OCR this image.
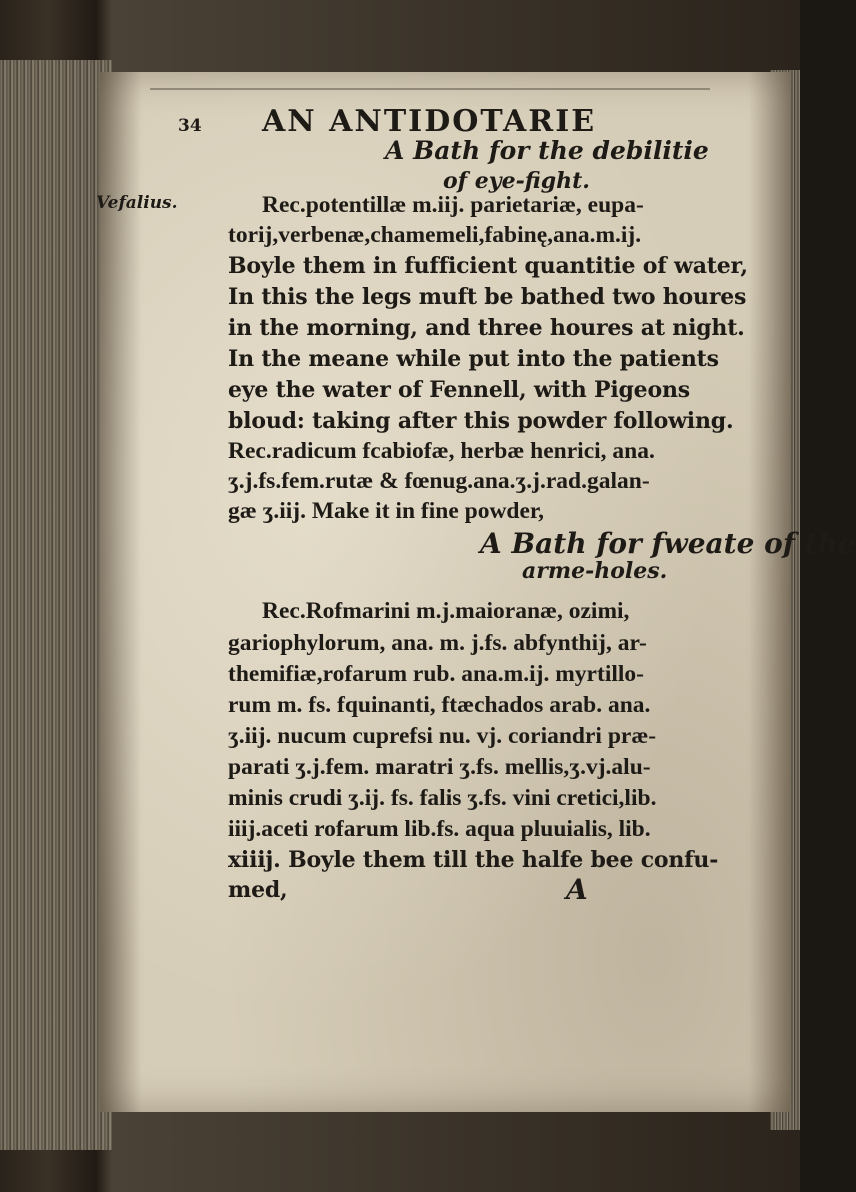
34 AN ANTIDOTARIE
Vefalius.
A Bath for the debilitie
of eye-fight.
Rec.potentillæ m.iij. parietariæ, eupa-
torij,verbenæ,chamemeli,fabinę,ana.m.ij.
Boyle them in fufficient quantitie of water,
In this the legs muft be bathed two houres
in the morning, and three houres at night.
In the meane while put into the patients
eye the water of Fennell, with Pigeons
bloud: taking after this powder following.
Rec.radicum fcabiofæ, herbæ henrici, ana.
ʒ.j.fs.fem.rutæ & fœnug.ana.ʒ.j.rad.galan-
gæ ʒ.iij. Make it in fine powder,
A Bath for fweate of the
arme-holes.
Rec.Rofmarini m.j.maioranæ, ozimi,
gariophylorum, ana. m. j.fs. abfynthij, ar-
themifiæ,rofarum rub. ana.m.ij. myrtillo-
rum m. fs. fquinanti, ftæchados arab. ana.
ʒ.iij. nucum cuprefsi nu. vj. coriandri præ-
parati ʒ.j.fem. maratri ʒ.fs. mellis,ʒ.vj.alu-
minis crudi ʒ.ij. fs. falis ʒ.fs. vini cretici,lib.
iiij.aceti rofarum lib.fs. aqua pluuialis, lib.
xiiij. Boyle them till the halfe bee confu-
med,	A
